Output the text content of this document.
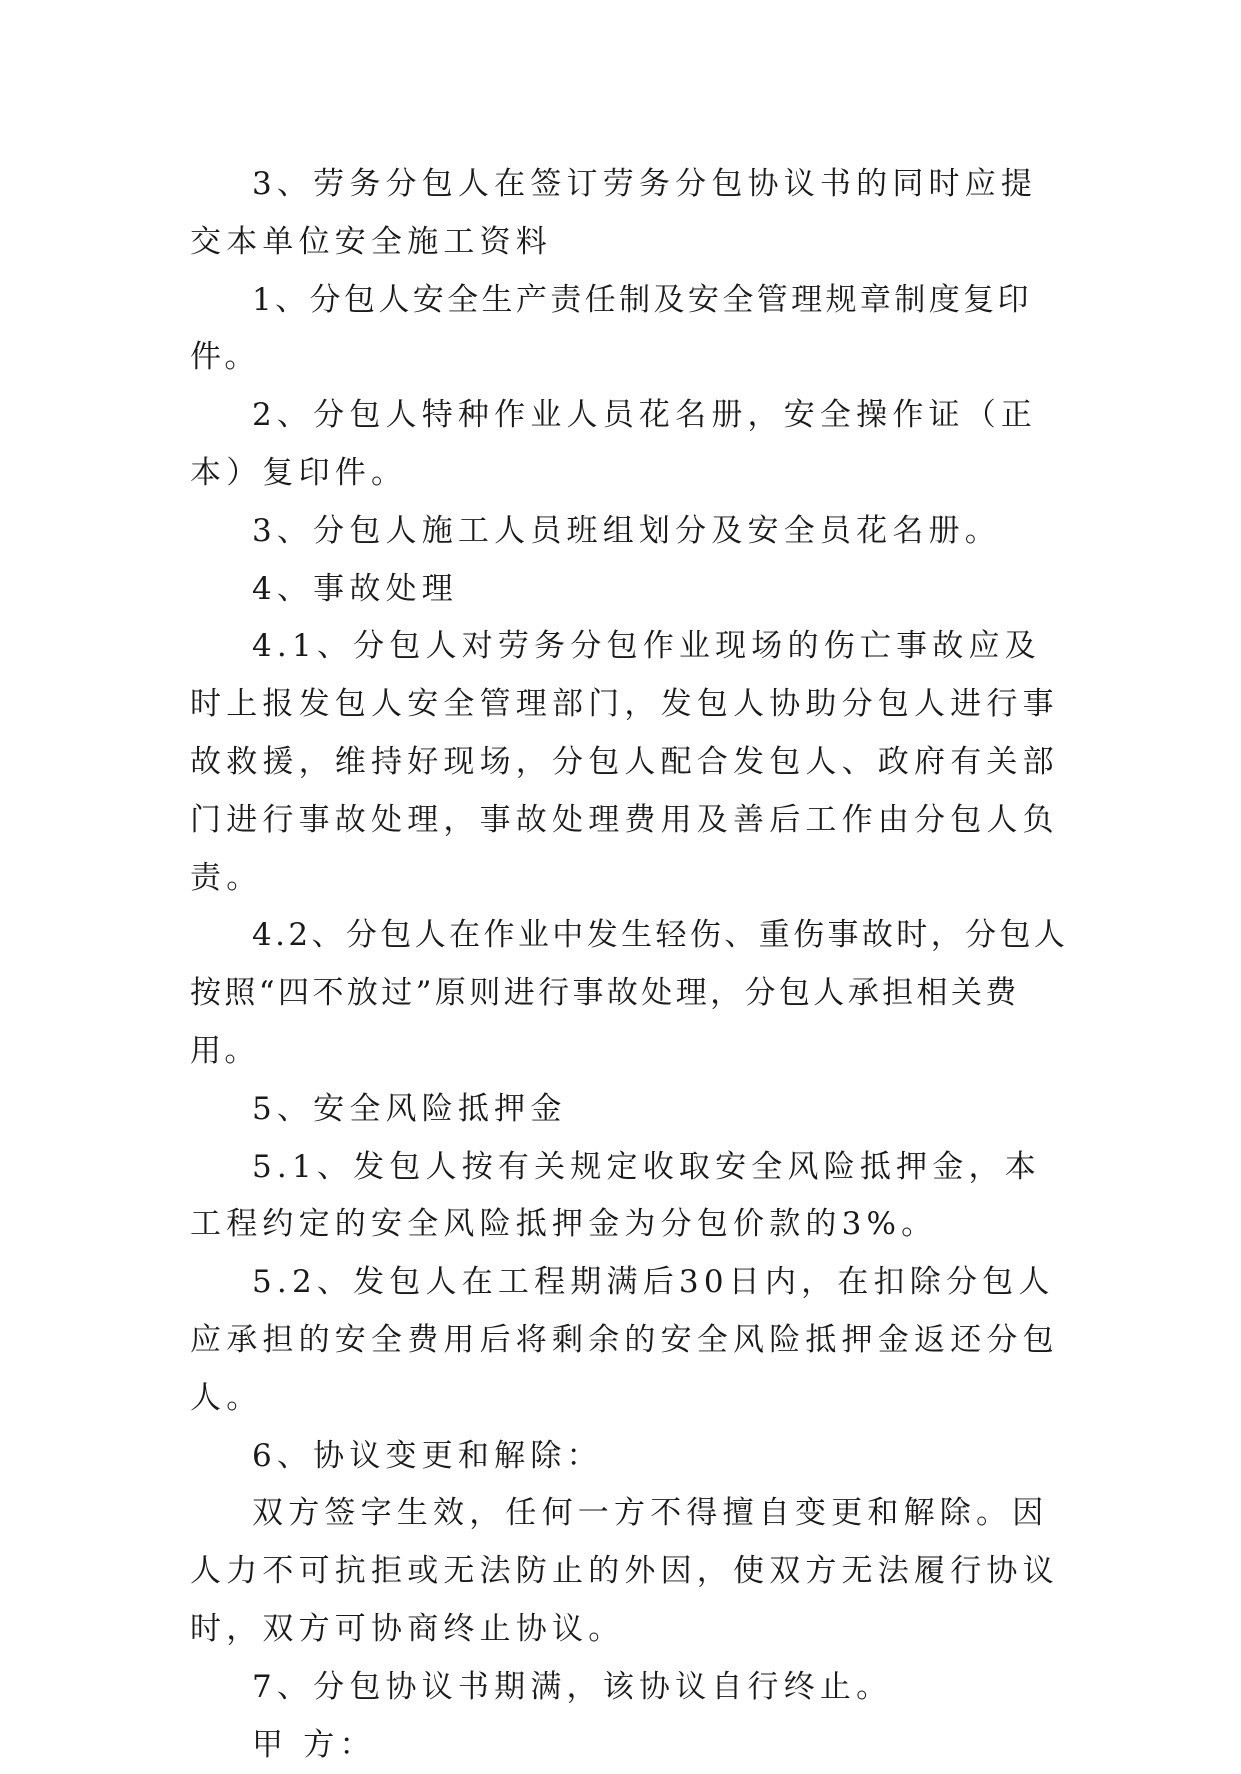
3、劳务分包人在签订劳务分包协议书的同时应提交本单位安全施工资料

1、分包人安全生产责任制及安全管理规章制度复印件。

2、分包人特种作业人员花名册，安全操作证（正本）复印件。

3、分包人施工人员班组划分及安全员花名册。

4、事故处理

4.1、分包人对劳务分包作业现场的伤亡事故应及时上报发包人安全管理部门，发包人协助分包人进行事故救援，维持好现场，分包人配合发包人、政府有关部门进行事故处理，事故处理费用及善后工作由分包人负责。

4.2、分包人在作业中发生轻伤、重伤事故时，分包人按照“四不放过”原则进行事故处理，分包人承担相关费用。

5、安全风险抵押金

5.1、发包人按有关规定收取安全风险抵押金，本工程约定的安全风险抵押金为分包价款的3%。

5.2、发包人在工程期满后30日内，在扣除分包人应承担的安全费用后将剩余的安全风险抵押金返还分包人。

6、协议变更和解除：

双方签字生效，任何一方不得擅自变更和解除。因人力不可抗拒或无法防止的外因，使双方无法履行协议时，双方可协商终止协议。

7、分包协议书期满，该协议自行终止。

甲 方：
